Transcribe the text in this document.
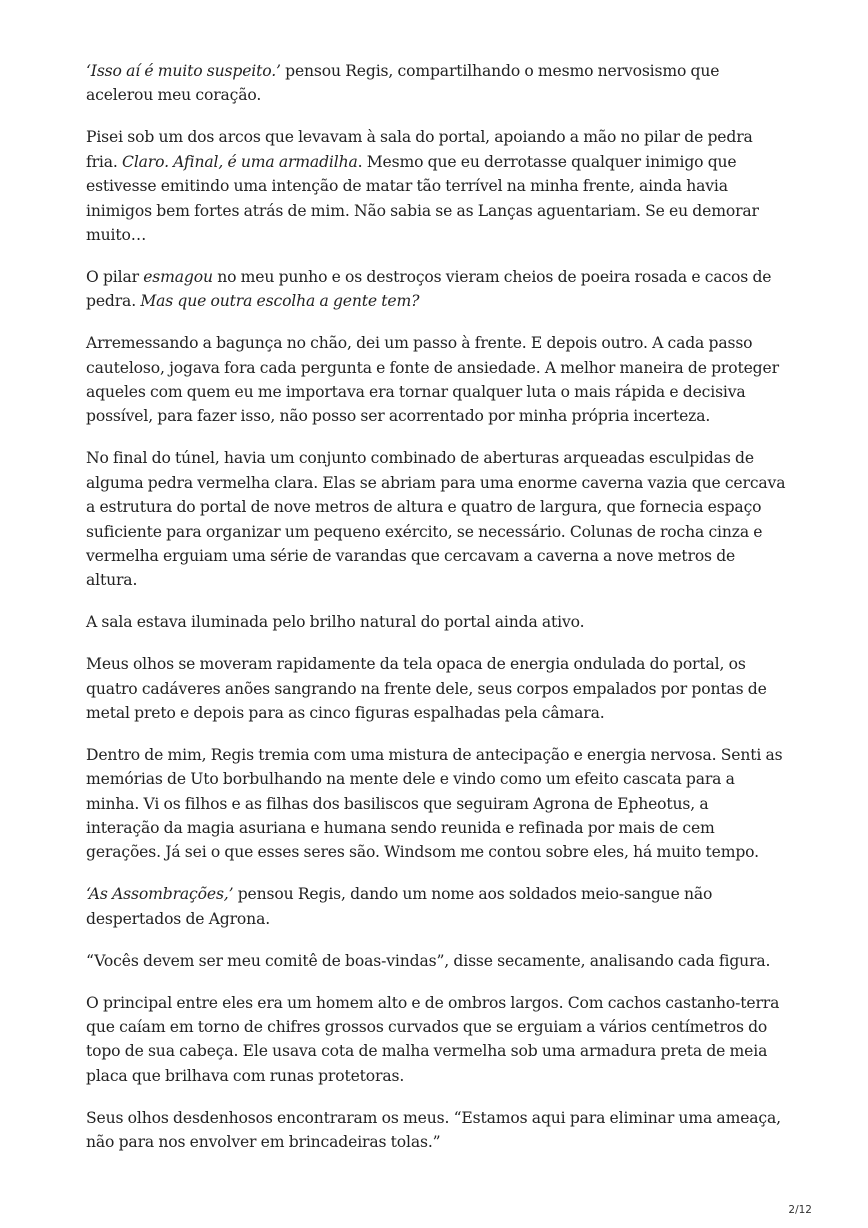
‘Isso aí é muito suspeito.’ pensou Regis, compartilhando o mesmo nervosismo que acelerou meu coração.

Pisei sob um dos arcos que levavam à sala do portal, apoiando a mão no pilar de pedra fria. Claro. Afinal, é uma armadilha. Mesmo que eu derrotasse qualquer inimigo que estivesse emitindo uma intenção de matar tão terrível na minha frente, ainda havia inimigos bem fortes atrás de mim. Não sabia se as Lanças aguentariam. Se eu demorar muito…

O pilar esmagou no meu punho e os destroços vieram cheios de poeira rosada e cacos de pedra. Mas que outra escolha a gente tem?

Arremessando a bagunça no chão, dei um passo à frente. E depois outro. A cada passo cauteloso, jogava fora cada pergunta e fonte de ansiedade. A melhor maneira de proteger aqueles com quem eu me importava era tornar qualquer luta o mais rápida e decisiva possível, para fazer isso, não posso ser acorrentado por minha própria incerteza.

No final do túnel, havia um conjunto combinado de aberturas arqueadas esculpidas de alguma pedra vermelha clara. Elas se abriam para uma enorme caverna vazia que cercava a estrutura do portal de nove metros de altura e quatro de largura, que fornecia espaço suficiente para organizar um pequeno exército, se necessário. Colunas de rocha cinza e vermelha erguiam uma série de varandas que cercavam a caverna a nove metros de altura.

A sala estava iluminada pelo brilho natural do portal ainda ativo.

Meus olhos se moveram rapidamente da tela opaca de energia ondulada do portal, os quatro cadáveres anões sangrando na frente dele, seus corpos empalados por pontas de metal preto e depois para as cinco figuras espalhadas pela câmara.

Dentro de mim, Regis tremia com uma mistura de antecipação e energia nervosa. Senti as memórias de Uto borbulhando na mente dele e vindo como um efeito cascata para a minha. Vi os filhos e as filhas dos basiliscos que seguiram Agrona de Epheotus, a interação da magia asuriana e humana sendo reunida e refinada por mais de cem gerações. Já sei o que esses seres são. Windsom me contou sobre eles, há muito tempo.

‘As Assombrações,’ pensou Regis, dando um nome aos soldados meio-sangue não despertados de Agrona.

“Vocês devem ser meu comitê de boas-vindas”, disse secamente, analisando cada figura.

O principal entre eles era um homem alto e de ombros largos. Com cachos castanho-terra que caíam em torno de chifres grossos curvados que se erguiam a vários centímetros do topo de sua cabeça. Ele usava cota de malha vermelha sob uma armadura preta de meia placa que brilhava com runas protetoras.

Seus olhos desdenhosos encontraram os meus. “Estamos aqui para eliminar uma ameaça, não para nos envolver em brincadeiras tolas.”

2/12
